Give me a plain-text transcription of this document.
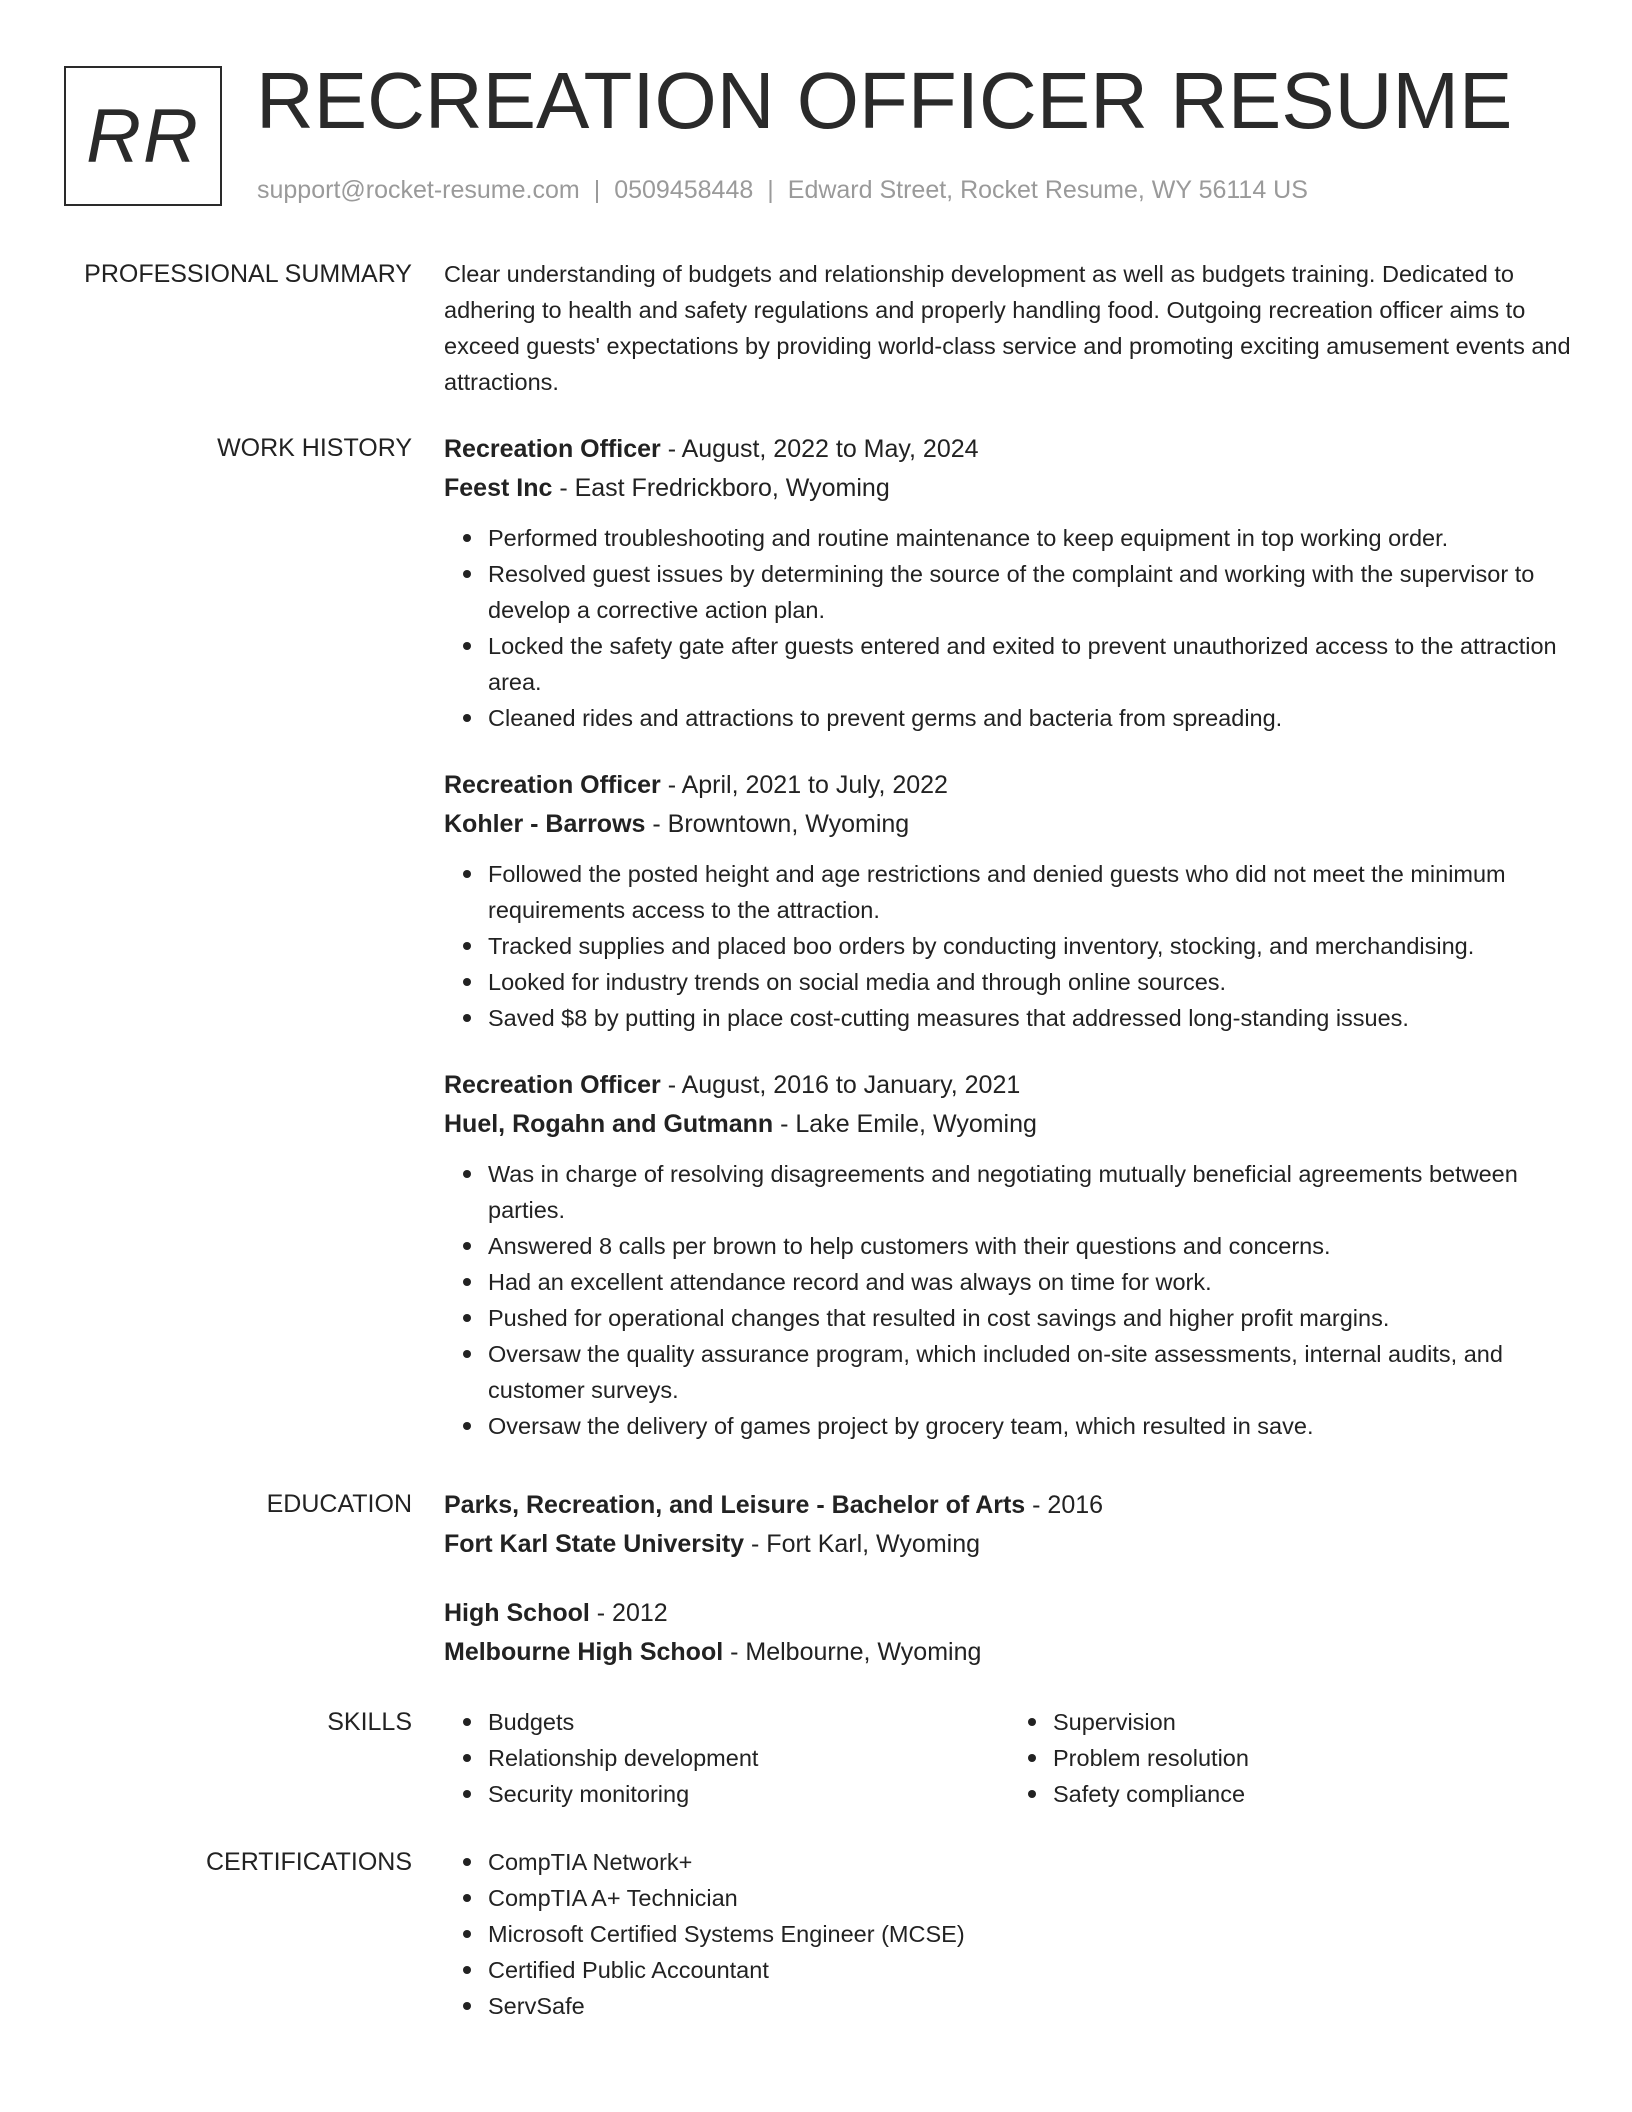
RR RECREATION OFFICER RESUME
support@rocket-resume.com | 0509458448 | Edward Street, Rocket Resume, WY 56114 US
PROFESSIONAL SUMMARY Clear understanding of budgets and relationship development as well as budgets training. Dedicated to adhering to health and safety regulations and properly handling food. Outgoing recreation officer aims to exceed guests' expectations by providing world-class service and promoting exciting amusement events and attractions.

WORK HISTORY Recreation Officer - August, 2022 to May, 2024
Feest Inc - East Fredrickboro, Wyoming
Performed troubleshooting and routine maintenance to keep equipment in top working order.
Resolved guest issues by determining the source of the complaint and working with the supervisor to develop a corrective action plan.
Locked the safety gate after guests entered and exited to prevent unauthorized access to the attraction area.
Cleaned rides and attractions to prevent germs and bacteria from spreading.
Recreation Officer - April, 2021 to July, 2022
Kohler - Barrows - Browntown, Wyoming
Followed the posted height and age restrictions and denied guests who did not meet the minimum requirements access to the attraction.
Tracked supplies and placed boo orders by conducting inventory, stocking, and merchandising.
Looked for industry trends on social media and through online sources.
Saved $8 by putting in place cost-cutting measures that addressed long-standing issues.
Recreation Officer - August, 2016 to January, 2021
Huel, Rogahn and Gutmann - Lake Emile, Wyoming
Was in charge of resolving disagreements and negotiating mutually beneficial agreements between parties.
Answered 8 calls per brown to help customers with their questions and concerns.
Had an excellent attendance record and was always on time for work.
Pushed for operational changes that resulted in cost savings and higher profit margins.
Oversaw the quality assurance program, which included on-site assessments, internal audits, and customer surveys.
Oversaw the delivery of games project by grocery team, which resulted in save.
EDUCATION Parks, Recreation, and Leisure - Bachelor of Arts - 2016
Fort Karl State University - Fort Karl, Wyoming
High School - 2012
Melbourne High School - Melbourne, Wyoming
SKILLS	Budgets
Relationship development
Security monitoring
Supervision
Problem resolution
Safety compliance
CERTIFICATIONS	CompTIA Network+
CompTIA A+ Technician
Microsoft Certified Systems Engineer (MCSE)
Certified Public Accountant
ServSafe
